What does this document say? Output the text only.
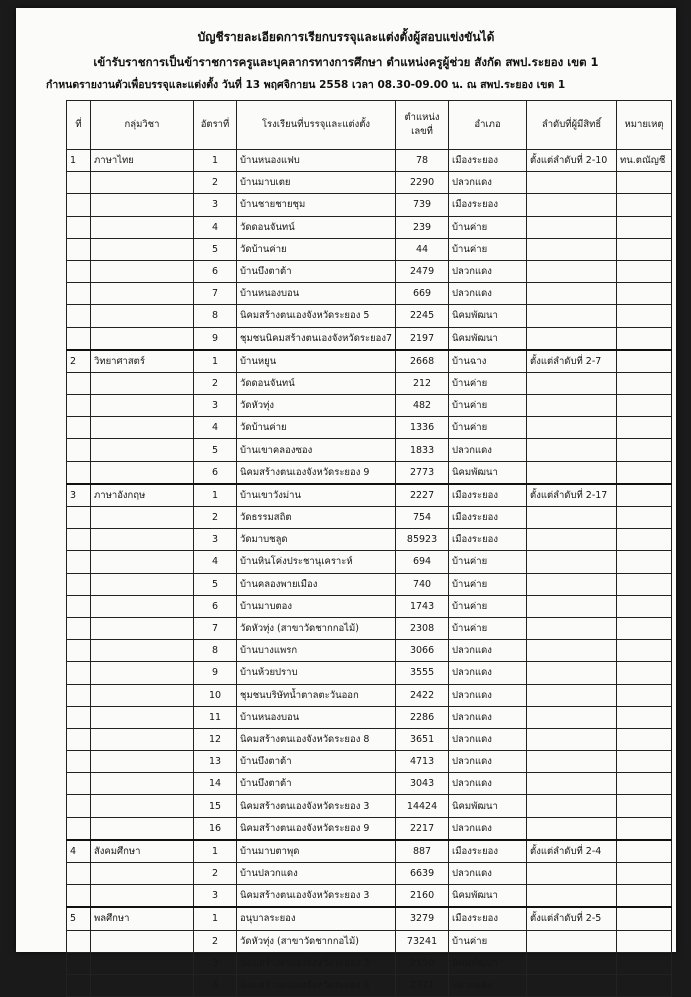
บัญชีรายละเอียดการเรียกบรรจุและแต่งตั้งผู้สอบแข่งขันได้
เข้ารับราชการเป็นข้าราชการครูและบุคลากรทางการศึกษา ตำแหน่งครูผู้ช่วย สังกัด สพป.ระยอง เขต 1
กำหนดรายงานตัวเพื่อบรรจุและแต่งตั้ง วันที่ 13 พฤศจิกายน 2558 เวลา 08.30-09.00 น. ณ สพป.ระยอง เขต 1
ที่	กลุ่มวิชา	อัตราที่	โรงเรียนที่บรรจุและแต่งตั้ง	ตำแหน่งเลขที่	อำเภอ	ลำดับที่ผู้มีสิทธิ์	หมายเหตุ
1	ภาษาไทย	1	บ้านหนองแฟบ	78	เมืองระยอง	ตั้งแต่ลำดับที่ 2-10	ทน.ตณัญชี
		2	บ้านมาบเตย	2290	ปลวกแดง		
		3	บ้านชายชายชุม	739	เมืองระยอง		
		4	วัดดอนจันทน์	239	บ้านค่าย		
		5	วัดบ้านค่าย	44	บ้านค่าย		
		6	บ้านบึงตาต้า	2479	ปลวกแดง		
		7	บ้านหนองบอน	669	ปลวกแดง		
		8	นิคมสร้างตนเองจังหวัดระยอง 5	2245	นิคมพัฒนา		
		9	ชุมชนนิคมสร้างตนเองจังหวัดระยอง7	2197	นิคมพัฒนา		
2	วิทยาศาสตร์	1	บ้านหยูน	2668	บ้านฉาง	ตั้งแต่ลำดับที่ 2-7	
		2	วัดดอนจันทน์	212	บ้านค่าย		
		3	วัดหัวทุ่ง	482	บ้านค่าย		
		4	วัดบ้านค่าย	1336	บ้านค่าย		
		5	บ้านเขาคลองซอง	1833	ปลวกแดง		
		6	นิคมสร้างตนเองจังหวัดระยอง 9	2773	นิคมพัฒนา		
3	ภาษาอังกฤษ	1	บ้านเขาวังม่าน	2227	เมืองระยอง	ตั้งแต่ลำดับที่ 2-17	
		2	วัดธรรมสถิต	754	เมืองระยอง		
		3	วัดมาบชลูด	85923	เมืองระยอง		
		4	บ้านหินโค่งประชานุเคราะห์	694	บ้านค่าย		
		5	บ้านคลองพายเมือง	740	บ้านค่าย		
		6	บ้านมาบตอง	1743	บ้านค่าย		
		7	วัดหัวทุ่ง (สาขาวัดชากกอไม้)	2308	บ้านค่าย		
		8	บ้านบางแพรก	3066	ปลวกแดง		
		9	บ้านห้วยปราบ	3555	ปลวกแดง		
		10	ชุมชนบริษัทน้ำตาลตะวันออก	2422	ปลวกแดง		
		11	บ้านหนองบอน	2286	ปลวกแดง		
		12	นิคมสร้างตนเองจังหวัดระยอง 8	3651	ปลวกแดง		
		13	บ้านบึงตาต้า	4713	ปลวกแดง		
		14	บ้านบึงตาต้า	3043	ปลวกแดง		
		15	นิคมสร้างตนเองจังหวัดระยอง 3	14424	นิคมพัฒนา		
		16	นิคมสร้างตนเองจังหวัดระยอง 9	2217	ปลวกแดง		
4	สังคมศึกษา	1	บ้านมาบตาพุด	887	เมืองระยอง	ตั้งแต่ลำดับที่ 2-4	
		2	บ้านปลวกแดง	6639	ปลวกแดง		
		3	นิคมสร้างตนเองจังหวัดระยอง 3	2160	นิคมพัฒนา		
5	พลศึกษา	1	อนุบาลระยอง	3279	เมืองระยอง	ตั้งแต่ลำดับที่ 2-5	
		2	วัดหัวทุ่ง (สาขาวัดชากกอไม้)	73241	บ้านค่าย		
		3	นิคมสร้างตนเองจังหวัดระยอง 3	2150	นิคมพัฒนา		
		4	นิคมสร้างตนเองจังหวัดระยอง 8	2371	ปลวกแดง		
